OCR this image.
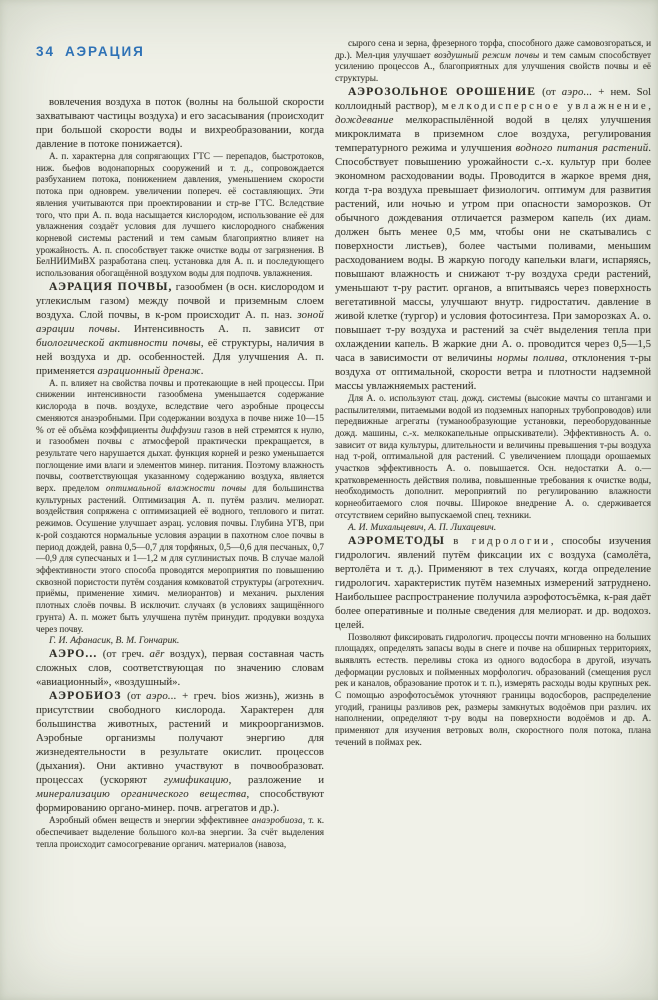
34 АЭРАЦИЯ

вовлечения воздуха в поток (волны на большой скорости захватывают частицы воздуха) и его засасывания (происходит при большой скорости воды и вихреобразовании, когда давление в потоке понижается).

А. п. характерна для сопрягающих ГТС — перепадов, быстротоков, ниж. бьефов водонапорных сооружений и т. д., сопровождается разбуханием потока, понижением давления, уменьшением скорости потока при одноврем. увеличении попереч. её составляющих. Эти явления учитываются при проектировании и стр-ве ГТС. Вследствие того, что при А. п. вода насыщается кислородом, использование её для увлажнения создаёт условия для лучшего кислородного снабжения корневой системы растений и тем самым благоприятно влияет на урожайность. А. п. способствует также очистке воды от загрязнения. В БелНИИМиВХ разработана спец. установка для А. п. и последующего использования обогащённой воздухом воды для подпочв. увлажнения.

АЭРАЦИЯ ПОЧВЫ, газообмен (в осн. кислородом и углекислым газом) между почвой и приземным слоем воздуха. Слой почвы, в к-ром происходит А. п. наз. зоной аэрации почвы. Интенсивность А. п. зависит от биологической активности почвы, её структуры, наличия в ней воздуха и др. особенностей. Для улучшения А. п. применяется аэрационный дренаж.

А. п. влияет на свойства почвы и протекающие в ней процессы. При снижении интенсивности газообмена уменьшается содержание кислорода в почв. воздухе, вследствие чего аэробные процессы сменяются анаэробными. При содержании воздуха в почве ниже 10—15 % от её объёма коэффициенты диффузии газов в ней стремятся к нулю, и газообмен почвы с атмосферой практически прекращается, в результате чего нарушается дыхат. функция корней и резко уменьшается поглощение ими влаги и элементов минер. питания. Поэтому влажность почвы, соответствующая указанному содержанию воздуха, является верх. пределом оптимальной влажности почвы для большинства культурных растений. Оптимизация А. п. путём различ. мелиорат. воздействия сопряжена с оптимизацией её водного, теплового и питат. режимов. Осушение улучшает аэрац. условия почвы. Глубина УГВ, при к-рой создаются нормальные условия аэрации в пахотном слое почвы в период дождей, равна 0,5—0,7 для торфяных, 0,5—0,6 для песчаных, 0,7—0,9 для супесчаных и 1—1,2 м для суглинистых почв. В случае малой эффективности этого способа проводятся мероприятия по повышению сквозной пористости путём создания комковатой структуры (агротехнич. приёмы, применение химич. мелиорантов) и механич. рыхления плотных слоёв почвы. В исключит. случаях (в условиях защищённого грунта) А. п. может быть улучшена путём принудит. продувки воздуха через почву.

Г. И. Афанасик, В. М. Гончарик.

АЭРО... (от греч. aēr воздух), первая составная часть сложных слов, соответствующая по значению словам «авиационный», «воздушный».

АЭРОБИОЗ (от аэро... + греч. bios жизнь), жизнь в присутствии свободного кислорода. Характерен для большинства животных, растений и микроорганизмов. Аэробные организмы получают энергию для жизнедеятельности в результате окислит. процессов (дыхания). Они активно участвуют в почвообразоват. процессах (ускоряют гумификацию, разложение и минерализацию органического вещества, способствуют формированию органо-минер. почв. агрегатов и др.).

Аэробный обмен веществ и энергии эффективнее анаэробиоза, т. к. обеспечивает выделение большого кол-ва энергии. За счёт выделения тепла происходит самосогревание органич. материалов (навоза,

сырого сена и зерна, фрезерного торфа, способного даже самовозгораться, и др.). Мел-ция улучшает воздушный режим почвы и тем самым способствует усилению процессов А., благоприятных для улучшения свойств почвы и её структуры.

АЭРОЗОЛЬНОЕ ОРОШЕНИЕ (от аэро... + нем. Sol коллоидный раствор), мелкодисперсное увлажнение, дождевание мелкораспылённой водой в целях улучшения микроклимата в приземном слое воздуха, регулирования температурного режима и улучшения водного питания растений. Способствует повышению урожайности с.-х. культур при более экономном расходовании воды. Проводится в жаркое время дня, когда т-ра воздуха превышает физиологич. оптимум для развития растений, или ночью и утром при опасности заморозков. От обычного дождевания отличается размером капель (их диам. должен быть менее 0,5 мм, чтобы они не скатывались с поверхности листьев), более частыми поливами, меньшим расходованием воды. В жаркую погоду капельки влаги, испаряясь, повышают влажность и снижают т-ру воздуха среди растений, уменьшают т-ру растит. органов, а впитываясь через поверхность вегетативной массы, улучшают внутр. гидростатич. давление в живой клетке (тургор) и условия фотосинтеза. При заморозках А. о. повышает т-ру воздуха и растений за счёт выделения тепла при охлаждении капель. В жаркие дни А. о. проводится через 0,5—1,5 часа в зависимости от величины нормы полива, отклонения т-ры воздуха от оптимальной, скорости ветра и плотности надземной массы увлажняемых растений.

Для А. о. используют стац. дожд. системы (высокие мачты со штангами и распылителями, питаемыми водой из подземных напорных трубопроводов) или передвижные агрегаты (туманообразующие установки, переоборудованные дожд. машины, с.-х. мелкокапельные опрыскиватели). Эффективность А. о. зависит от вида культуры, длительности и величины превышения т-ры воздуха над т-рой, оптимальной для растений. С увеличением площади орошаемых участков эффективность А. о. повышается. Осн. недостатки А. о.— кратковременность действия полива, повышенные требования к очистке воды, необходимость дополнит. мероприятий по регулированию влажности корнеобитаемого слоя почвы. Широкое внедрение А. о. сдерживается отсутствием серийно выпускаемой спец. техники.

А. И. Михальцевич, А. П. Лихацевич.

АЭРОМЕТОДЫ в гидрологии, способы изучения гидрологич. явлений путём фиксации их с воздуха (самолёта, вертолёта и т. д.). Применяют в тех случаях, когда определение гидрологич. характеристик путём наземных измерений затруднено. Наибольшее распространение получила аэрофотосъёмка, к-рая даёт более оперативные и полные сведения для мелиорат. и др. водохоз. целей.

Позволяют фиксировать гидрологич. процессы почти мгновенно на больших площадях, определять запасы воды в снеге и почве на обширных территориях, выявлять естеств. переливы стока из одного водосбора в другой, изучать деформации русловых и пойменных морфологич. образований (смещения русл рек и каналов, образование проток и т. п.), измерять расходы воды крупных рек. С помощью аэрофотосъёмок уточняют границы водосборов, распределение угодий, границы разливов рек, размеры замкнутых водоёмов при различ. их наполнении, определяют т-ру воды на поверхности водоёмов и др. А. применяют для изучения ветровых волн, скоростного поля потока, плана течений в поймах рек.
